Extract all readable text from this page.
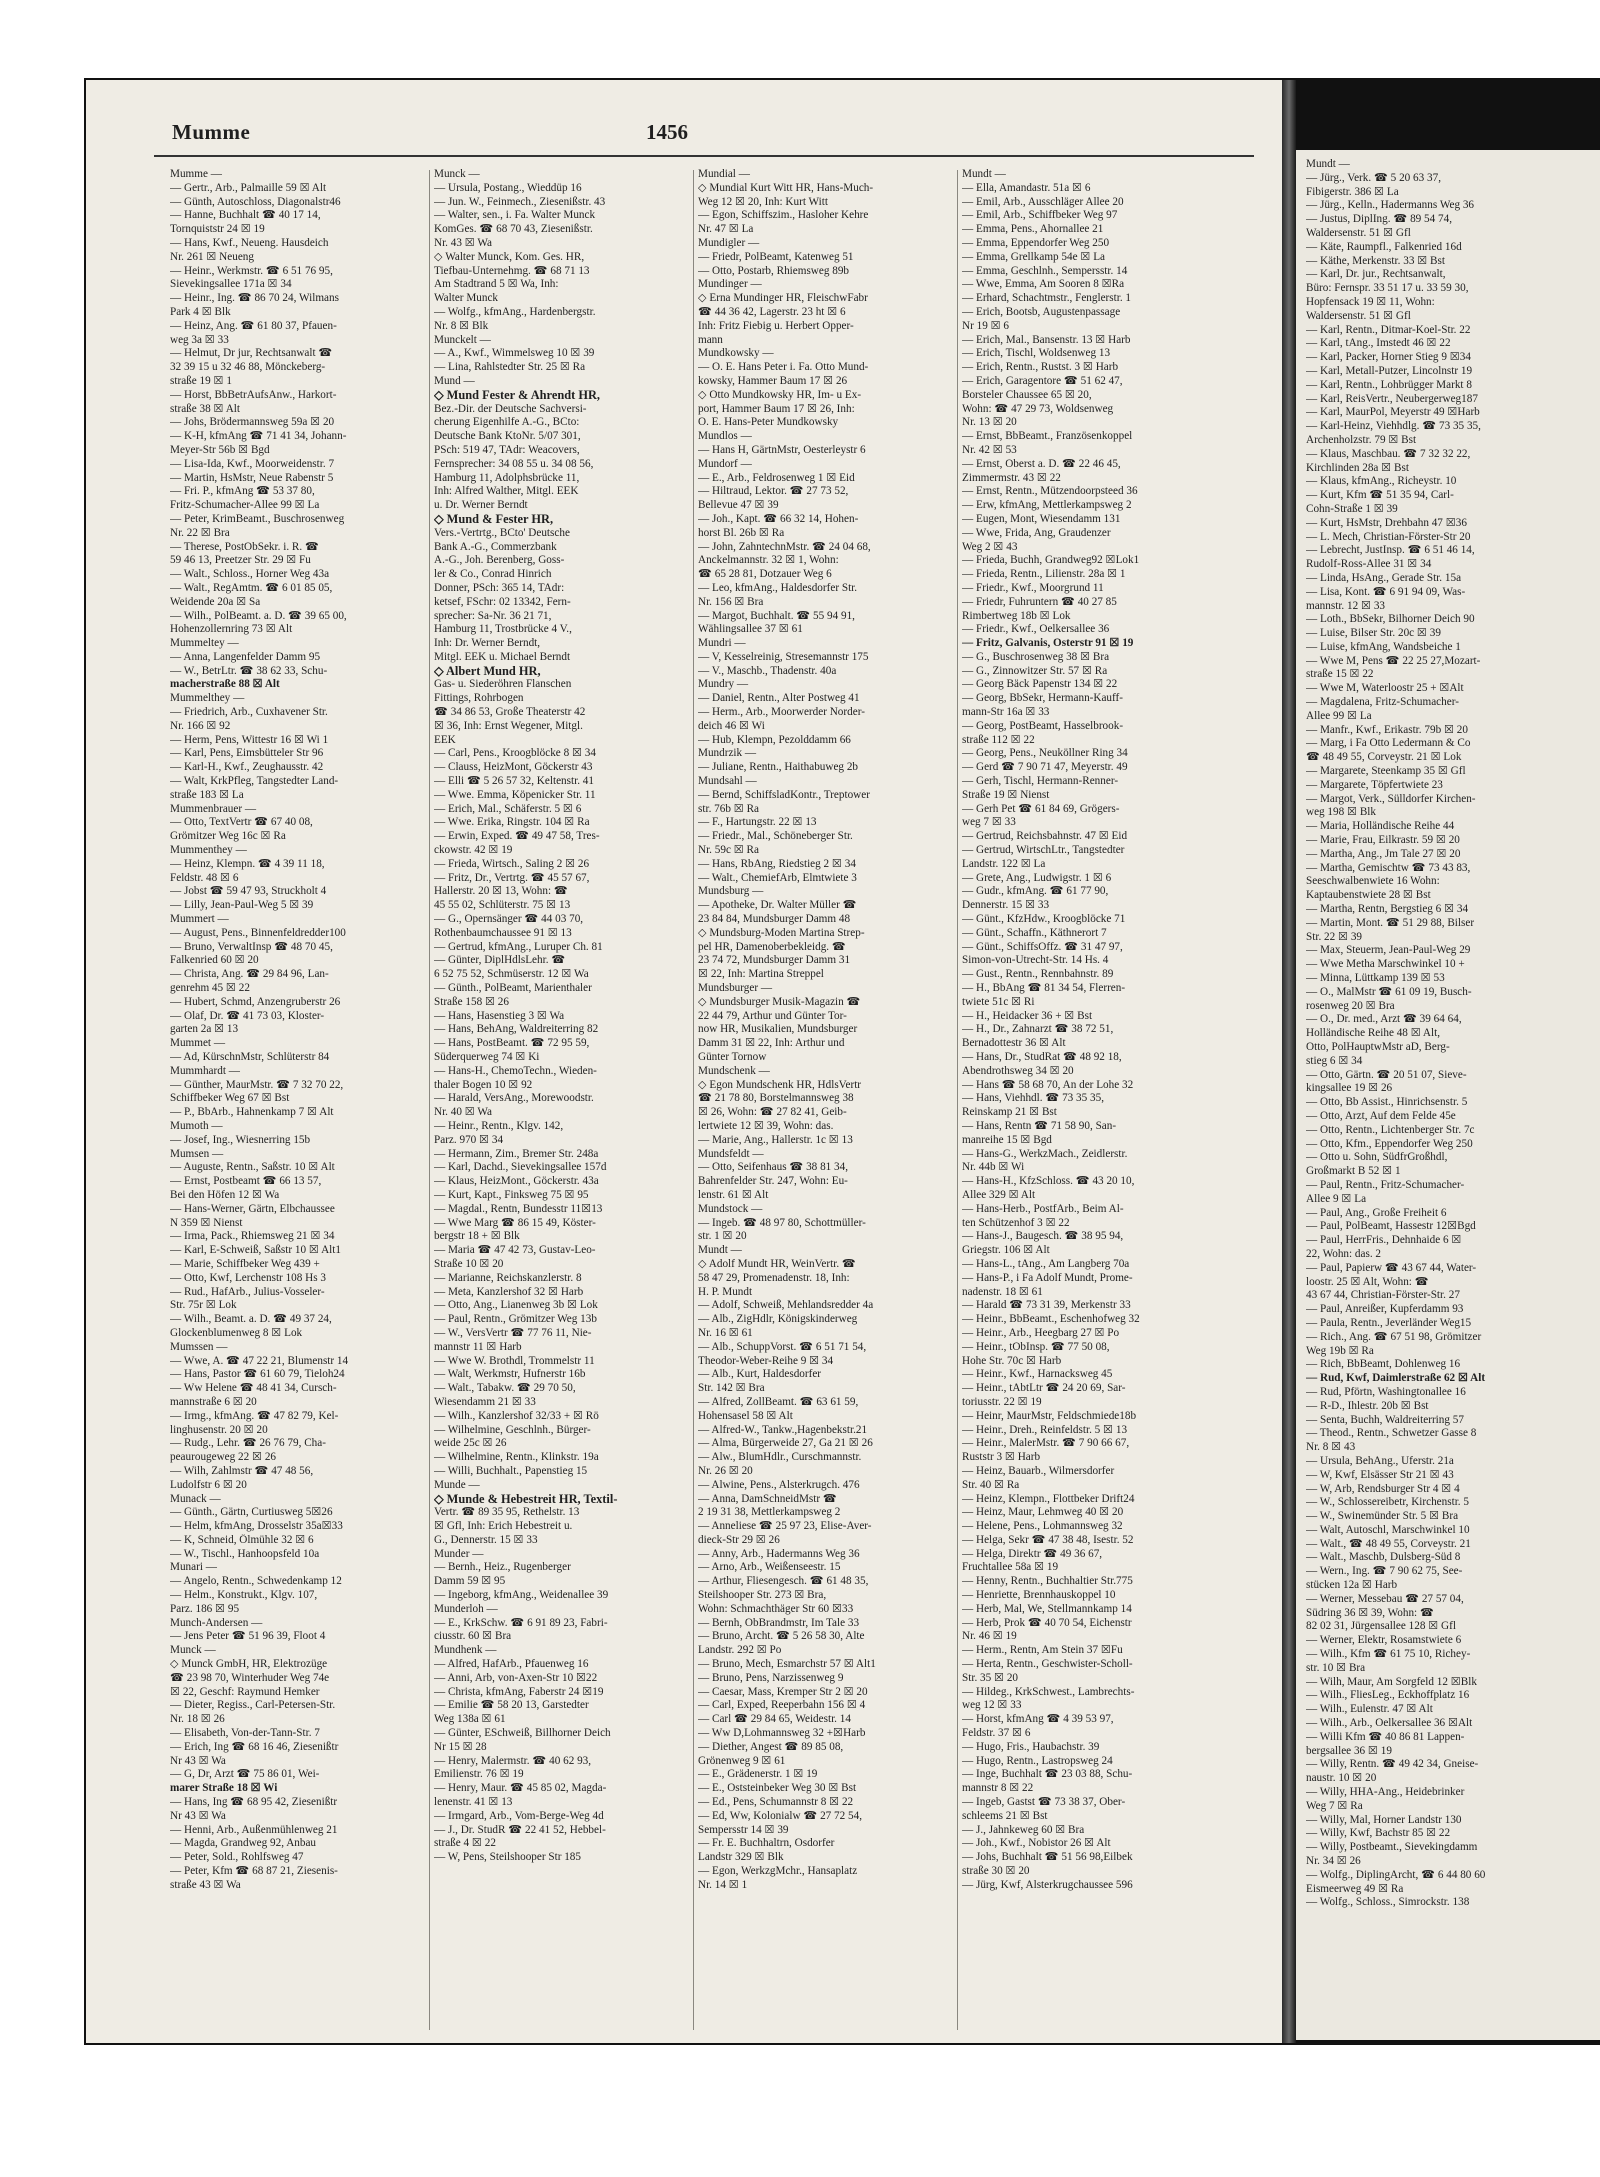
Mundt —

— Jürg., Verk. ☎ 5 20 63 37,

Fibigerstr. 386 ☒ La

— Jürg., Kelln., Hadermanns Weg 36

— Justus, DiplIng. ☎ 89 54 74,

Waldersenstr. 51 ☒ Gfl

— Käte, Raumpfl., Falkenried 16d

— Käthe, Merkenstr. 33 ☒ Bst

— Karl, Dr. jur., Rechtsanwalt,

Büro: Fernspr. 33 51 17 u. 33 59 30,

Hopfensack 19 ☒ 11, Wohn:

Waldersenstr. 51 ☒ Gfl

— Karl, Rentn., Ditmar-Koel-Str. 22

— Karl, tAng., Imstedt 46 ☒ 22

— Karl, Packer, Horner Stieg 9 ☒34

— Karl, Metall-Putzer, Lincolnstr 19

— Karl, Rentn., Lohbrügger Markt 8

— Karl, ReisVertr., Neubergerweg187

— Karl, MaurPol, Meyerstr 49 ☒Harb

— Karl-Heinz, Viehhdlg. ☎ 73 35 35,

Archenholzstr. 79 ☒ Bst

— Klaus, Maschbau. ☎ 7 32 32 22,

Kirchlinden 28a ☒ Bst

— Klaus, kfmAng., Richeystr. 10

— Kurt, Kfm ☎ 51 35 94, Carl-

Cohn-Straße 1 ☒ 39

— Kurt, HsMstr, Drehbahn 47 ☒36

— L. Mech, Christian-Förster-Str 20

— Lebrecht, JustInsp. ☎ 6 51 46 14,

Rudolf-Ross-Allee 31 ☒ 34

— Linda, HsAng., Gerade Str. 15a

— Lisa, Kont. ☎ 6 91 94 09, Was-

mannstr. 12 ☒ 33

— Loth., BbSekr, Bilhorner Deich 90

— Luise, Bilser Str. 20c ☒ 39

— Luise, kfmAng, Wandsbeiche 1

— Wwe M, Pens ☎ 22 25 27,Mozart-

straße 15 ☒ 22

— Wwe M, Waterloostr 25 + ☒Alt

— Magdalena, Fritz-Schumacher-

Allee 99 ☒ La

— Manfr., Kwf., Erikastr. 79b ☒ 20

— Marg, i Fa Otto Ledermann & Co

☎ 48 49 55, Corveystr. 21 ☒ Lok

— Margarete, Steenkamp 35 ☒ Gfl

— Margarete, Töpfertwiete 23

— Margot, Verk., Sülldorfer Kirchen-

weg 198 ☒ Blk

— Maria, Holländische Reihe 44

— Marie, Frau, Eilkrastr. 59 ☒ 20

— Martha, Ang., Jm Tale 27 ☒ 20

— Martha, Gemischtw ☎ 73 43 83,

Seeschwalbenwiete 16 Wohn:

Kaptaubenstwiete 28 ☒ Bst

— Martha, Rentn, Bergstieg 6 ☒ 34

— Martin, Mont. ☎ 51 29 88, Bilser

Str. 22 ☒ 39

— Max, Steuerm, Jean-Paul-Weg 29

— Wwe Metha Marschwinkel 10 +

— Minna, Lüttkamp 139 ☒ 53

— O., MalMstr ☎ 61 09 19, Busch-

rosenweg 20 ☒ Bra

— O., Dr. med., Arzt ☎ 39 64 64,

Holländische Reihe 48 ☒ Alt,

Otto, PolHauptwMstr aD, Berg-

stieg 6 ☒ 34

— Otto, Gärtn. ☎ 20 51 07, Sieve-

kingsallee 19 ☒ 26

— Otto, Bb Assist., Hinrichsenstr. 5

— Otto, Arzt, Auf dem Felde 45e

— Otto, Rentn., Lichtenberger Str. 7c

— Otto, Kfm., Eppendorfer Weg 250

— Otto u. Sohn, SüdfrGroßhdl,

Großmarkt B 52 ☒ 1

— Paul, Rentn., Fritz-Schumacher-

Allee 9 ☒ La

— Paul, Ang., Große Freiheit 6

— Paul, PolBeamt, Hassestr 12☒Bgd

— Paul, HerrFris., Dehnhaide 6 ☒

22, Wohn: das. 2

— Paul, Papierw ☎ 43 67 44, Water-

loostr. 25 ☒ Alt, Wohn: ☎

43 67 44, Christian-Förster-Str. 27

— Paul, Anreißer, Kupferdamm 93

— Paula, Rentn., Jeverländer Weg15

— Rich., Ang. ☎ 67 51 98, Grömitzer

Weg 19b ☒ Ra

— Rich, BbBeamt, Dohlenweg 16

— Rud, Kwf, Daimlerstraße 62 ☒ Alt

— Rud, Pförtn, Washingtonallee 16

— R-D., Ihlestr. 20b ☒ Bst

— Senta, Buchh, Waldreiterring 57

— Theod., Rentn., Schwetzer Gasse 8

Nr. 8 ☒ 43

— Ursula, BehAng., Uferstr. 21a

— W, Kwf, Elsässer Str 21 ☒ 43

— W, Arb, Rendsburger Str 4 ☒ 4

— W., Schlossereibetr, Kirchenstr. 5

— W., Swinemünder Str. 5 ☒ Bra

— Walt, Autoschl, Marschwinkel 10

— Walt., ☎ 48 49 55, Corveystr. 21

— Walt., Maschb, Dulsberg-Süd 8

— Wern., Ing. ☎ 7 90 62 75, See-

stücken 12a ☒ Harb

— Werner, Messebau ☎ 27 57 04,

Südring 36 ☒ 39, Wohn: ☎

82 02 31, Jürgensallee 128 ☒ Gfl

— Werner, Elektr, Rosamstwiete 6

— Wilh., Kfm ☎ 61 75 10, Richey-

str. 10 ☒ Bra

— Wilh, Maur, Am Sorgfeld 12 ☒Blk

— Wilh., FliesLeg., Eckhoffplatz 16

— Wilh., Eulenstr. 47 ☒ Alt

— Wilh., Arb., Oelkersallee 36 ☒Alt

— Willi Kfm ☎ 40 86 81 Lappen-

bergsallee 36 ☒ 19

— Willy, Rentn. ☎ 49 42 34, Gneise-

naustr. 10 ☒ 20

— Willy, HHA-Ang., Heidebrinker

Weg 7 ☒ Ra

— Willy, Mal, Horner Landstr 130

— Willy, Kwf, Bachstr 85 ☒ 22

— Willy, Postbeamt., Sievekingdamm

Nr. 34 ☒ 26

— Wolfg., DiplingArcht, ☎ 6 44 80 60

Eismeerweg 49 ☒ Ra

— Wolfg., Schloss., Simrockstr. 138

Mumme	1456

Mumme —

— Gertr., Arb., Palmaille 59 ☒ Alt

— Günth, Autoschloss, Diagonalstr46

— Hanne, Buchhalt ☎ 40 17 14,

Tornquiststr 24 ☒ 19

— Hans, Kwf., Neueng. Hausdeich

Nr. 261 ☒ Neueng

— Heinr., Werkmstr. ☎ 6 51 76 95,

Sievekingsallee 171a ☒ 34

— Heinr., Ing. ☎ 86 70 24, Wilmans

Park 4 ☒ Blk

— Heinz, Ang. ☎ 61 80 37, Pfauen-

weg 3a ☒ 33

— Helmut, Dr jur, Rechtsanwalt ☎

32 39 15 u 32 46 88, Mönckeberg-

straße 19 ☒ 1

— Horst, BbBetrAufsAnw., Harkort-

straße 38 ☒ Alt

— Johs, Brödermannsweg 59a ☒ 20

— K-H, kfmAng ☎ 71 41 34, Johann-

Meyer-Str 56b ☒ Bgd

— Lisa-Ida, Kwf., Moorweidenstr. 7

— Martin, HsMstr, Neue Rabenstr 5

— Fri. P., kfmAng ☎ 53 37 80,

Fritz-Schumacher-Allee 99 ☒ La

— Peter, KrimBeamt., Buschrosenweg

Nr. 22 ☒ Bra

— Therese, PostObSekr. i. R. ☎

59 46 13, Preetzer Str. 29 ☒ Fu

— Walt., Schloss., Horner Weg 43a

— Walt., RegAmtm. ☎ 6 01 85 05,

Weidende 20a ☒ Sa

— Wilh., PolBeamt. a. D. ☎ 39 65 00,

Hohenzollernring 73 ☒ Alt

Mummeltey —

— Anna, Langenfelder Damm 95

— W., BetrLtr. ☎ 38 62 33, Schu-

macherstraße 88 ☒ Alt

Mummelthey —

— Friedrich, Arb., Cuxhavener Str.

Nr. 166 ☒ 92

— Herm, Pens, Wittestr 16 ☒ Wi 1

— Karl, Pens, Eimsbütteler Str 96

— Karl-H., Kwf., Zeughausstr. 42

— Walt, KrkPfleg, Tangstedter Land-

straße 183 ☒ La

Mummenbrauer —

— Otto, TextVertr ☎ 67 40 08,

Grömitzer Weg 16c ☒ Ra

Mummenthey —

— Heinz, Klempn. ☎ 4 39 11 18,

Feldstr. 48 ☒ 6

— Jobst ☎ 59 47 93, Struckholt 4

— Lilly, Jean-Paul-Weg 5 ☒ 39

Mummert —

— August, Pens., Binnenfeldredder100

— Bruno, VerwaltInsp ☎ 48 70 45,

Falkenried 60 ☒ 20

— Christa, Ang. ☎ 29 84 96, Lan-

genrehm 45 ☒ 22

— Hubert, Schmd, Anzengruberstr 26

— Olaf, Dr. ☎ 41 73 03, Kloster-

garten 2a ☒ 13

Mummet —

— Ad, KürschnMstr, Schlüterstr 84

Mummhardt —

— Günther, MaurMstr. ☎ 7 32 70 22,

Schiffbeker Weg 67 ☒ Bst

— P., BbArb., Hahnenkamp 7 ☒ Alt

Mumoth —

— Josef, Ing., Wiesnerring 15b

Mumsen —

— Auguste, Rentn., Saßstr. 10 ☒ Alt

— Ernst, Postbeamt ☎ 66 13 57,

Bei den Höfen 12 ☒ Wa

— Hans-Werner, Gärtn, Elbchaussee

N 359 ☒ Nienst

— Irma, Pack., Rhiemsweg 21 ☒ 34

— Karl, E-Schweiß, Saßstr 10 ☒ Alt1

— Marie, Schiffbeker Weg 439 +

— Otto, Kwf, Lerchenstr 108 Hs 3

— Rud., HafArb., Julius-Vosseler-

Str. 75r ☒ Lok

— Wilh., Beamt. a. D. ☎ 49 37 24,

Glockenblumenweg 8 ☒ Lok

Mumssen —

— Wwe, A. ☎ 47 22 21, Blumenstr 14

— Hans, Pastor ☎ 61 60 79, Tieloh24

— Ww Helene ☎ 48 41 34, Cursch-

mannstraße 6 ☒ 20

— Irmg., kfmAng. ☎ 47 82 79, Kel-

linghusenstr. 20 ☒ 20

— Rudg., Lehr. ☎ 26 76 79, Cha-

peaurougeweg 22 ☒ 26

— Wilh, Zahlmstr ☎ 47 48 56,

Ludolfstr 6 ☒ 20

Munack —

— Günth., Gärtn, Curtiusweg 5☒26

— Helm, kfmAng, Drosselstr 35a☒33

— K, Schneid, Ölmühle 32 ☒ 6

— W., Tischl., Hanhoopsfeld 10a

Munari —

— Angelo, Rentn., Schwedenkamp 12

— Helm., Konstrukt., Klgv. 107,

Parz. 186 ☒ 95

Munch-Andersen —

— Jens Peter ☎ 51 96 39, Floot 4

Munck —

◇ Munck GmbH, HR, Elektrozüge

☎ 23 98 70, Winterhuder Weg 74e

☒ 22, Geschf: Raymund Hemker

— Dieter, Regiss., Carl-Petersen-Str.

Nr. 18 ☒ 26

— Elisabeth, Von-der-Tann-Str. 7

— Erich, Ing ☎ 68 16 46, Ziesenißtr

Nr 43 ☒ Wa

— G, Dr, Arzt ☎ 75 86 01, Wei-

marer Straße 18 ☒ Wi

— Hans, Ing ☎ 68 95 42, Ziesenißtr

Nr 43 ☒ Wa

— Henni, Arb., Außenmühlenweg 21

— Magda, Grandweg 92, Anbau

— Peter, Sold., Rohlfsweg 47

— Peter, Kfm ☎ 68 87 21, Ziesenis-

straße 43 ☒ Wa

Munck —

— Ursula, Postang., Wieddüp 16

— Jun. W., Feinmech., Ziesenißstr. 43

— Walter, sen., i. Fa. Walter Munck

KomGes. ☎ 68 70 43, Ziesenißstr.

Nr. 43 ☒ Wa

◇ Walter Munck, Kom. Ges. HR,

Tiefbau-Unternehmg. ☎ 68 71 13

Am Stadtrand 5 ☒ Wa, Inh:

Walter Munck

— Wolfg., kfmAng., Hardenbergstr.

Nr. 8 ☒ Blk

Munckelt —

— A., Kwf., Wimmelsweg 10 ☒ 39

— Lina, Rahlstedter Str. 25 ☒ Ra

Mund —

◇ Mund Fester & Ahrendt HR,

Bez.-Dir. der Deutsche Sachversi-

cherung Eigenhilfe A.-G., BCto:

Deutsche Bank KtoNr. 5/07 301,

PSch: 519 47, TAdr: Weacovers,

Fernsprecher: 34 08 55 u. 34 08 56,

Hamburg 11, Adolphsbrücke 11,

Inh: Alfred Walther, Mitgl. EEK

u. Dr. Werner Berndt

◇ Mund & Fester HR,

Vers.-Vertrtg., BCto' Deutsche

Bank A.-G., Commerzbank

A.-G., Joh. Berenberg, Goss-

ler & Co., Conrad Hinrich

Donner, PSch: 365 14, TAdr:

ketsef, FSchr: 02 13342, Fern-

sprecher: Sa-Nr. 36 21 71,

Hamburg 11, Trostbrücke 4 V.,

Inh: Dr. Werner Berndt,

Mitgl. EEK u. Michael Berndt

◇ Albert Mund HR,

Gas- u. Siederöhren Flanschen

Fittings, Rohrbogen

☎ 34 86 53, Große Theaterstr 42

☒ 36, Inh: Ernst Wegener, Mitgl.

EEK

— Carl, Pens., Kroogblöcke 8 ☒ 34

— Clauss, HeizMont, Göckerstr 43

— Elli ☎ 5 26 57 32, Keltenstr. 41

— Wwe. Emma, Köpenicker Str. 11

— Erich, Mal., Schäferstr. 5 ☒ 6

— Wwe. Erika, Ringstr. 104 ☒ Ra

— Erwin, Exped. ☎ 49 47 58, Tres-

ckowstr. 42 ☒ 19

— Frieda, Wirtsch., Saling 2 ☒ 26

— Fritz, Dr., Vertrtg. ☎ 45 57 67,

Hallerstr. 20 ☒ 13, Wohn: ☎

45 55 02, Schlüterstr. 75 ☒ 13

— G., Opernsänger ☎ 44 03 70,

Rothenbaumchaussee 91 ☒ 13

— Gertrud, kfmAng., Luruper Ch. 81

— Günter, DiplHdlsLehr. ☎

6 52 75 52, Schmüserstr. 12 ☒ Wa

— Günth., PolBeamt, Marienthaler

Straße 158 ☒ 26

— Hans, Hasenstieg 3 ☒ Wa

— Hans, BehAng, Waldreiterring 82

— Hans, PostBeamt. ☎ 72 95 59,

Süderquerweg 74 ☒ Ki

— Hans-H., ChemoTechn., Wieden-

thaler Bogen 10 ☒ 92

— Harald, VersAng., Morewoodstr.

Nr. 40 ☒ Wa

— Heinr., Rentn., Klgv. 142,

Parz. 970 ☒ 34

— Hermann, Zim., Bremer Str. 248a

— Karl, Dachd., Sievekingsallee 157d

— Klaus, HeizMont., Göckerstr. 43a

— Kurt, Kapt., Finksweg 75 ☒ 95

— Magdal., Rentn, Bundesstr 11☒13

— Wwe Marg ☎ 86 15 49, Köster-

bergstr 18 + ☒ Blk

— Maria ☎ 47 42 73, Gustav-Leo-

Straße 10 ☒ 20

— Marianne, Reichskanzlerstr. 8

— Meta, Kanzlershof 32 ☒ Harb

— Otto, Ang., Lianenweg 3b ☒ Lok

— Paul, Rentn., Grömitzer Weg 13b

— W., VersVertr ☎ 77 76 11, Nie-

mannstr 11 ☒ Harb

— Wwe W. Brothdl, Trommelstr 11

— Walt, Werkmstr, Hufnerstr 16b

— Walt., Tabakw. ☎ 29 70 50,

Wiesendamm 21 ☒ 33

— Wilh., Kanzlershof 32/33 + ☒ Rö

— Wilhelmine, Geschlnh., Bürger-

weide 25c ☒ 26

— Wilhelmine, Rentn., Klinkstr. 19a

— Willi, Buchhalt., Papenstieg 15

Munde —

◇ Munde & Hebestreit HR, Textil-

Vertr. ☎ 89 35 95, Rethelstr. 13

☒ Gfl, Inh: Erich Hebestreit u.

G., Dennerstr. 15 ☒ 33

Munder —

— Bernh., Heiz., Rugenberger

Damm 59 ☒ 95

— Ingeborg, kfmAng., Weidenallee 39

Munderloh —

— E., KrkSchw. ☎ 6 91 89 23, Fabri-

ciusstr. 60 ☒ Bra

Mundhenk —

— Alfred, HafArb., Pfauenweg 16

— Anni, Arb, von-Axen-Str 10 ☒22

— Christa, kfmAng, Faberstr 24 ☒19

— Emilie ☎ 58 20 13, Garstedter

Weg 138a ☒ 61

— Günter, ESchweiß, Billhorner Deich

Nr 15 ☒ 28

— Henry, Malermstr. ☎ 40 62 93,

Emilienstr. 76 ☒ 19

— Henry, Maur. ☎ 45 85 02, Magda-

lenenstr. 41 ☒ 13

— Irmgard, Arb., Vom-Berge-Weg 4d

— J., Dr. StudR ☎ 22 41 52, Hebbel-

straße 4 ☒ 22

— W, Pens, Steilshooper Str 185

Mundial —

◇ Mundial Kurt Witt HR, Hans-Much-

Weg 12 ☒ 20, Inh: Kurt Witt

— Egon, Schiffszim., Hasloher Kehre

Nr. 47 ☒ La

Mundigler —

— Friedr, PolBeamt, Katenweg 51

— Otto, Postarb, Rhiemsweg 89b

Mundinger —

◇ Erna Mundinger HR, FleischwFabr

☎ 44 36 42, Lagerstr. 23 ht ☒ 6

Inh: Fritz Fiebig u. Herbert Opper-

mann

Mundkowsky —

— O. E. Hans Peter i. Fa. Otto Mund-

kowsky, Hammer Baum 17 ☒ 26

◇ Otto Mundkowsky HR, Im- u Ex-

port, Hammer Baum 17 ☒ 26, Inh:

O. E. Hans-Peter Mundkowsky

Mundlos —

— Hans H, GärtnMstr, Oesterleystr 6

Mundorf —

— E., Arb., Feldrosenweg 1 ☒ Eid

— Hiltraud, Lektor. ☎ 27 73 52,

Bellevue 47 ☒ 39

— Joh., Kapt. ☎ 66 32 14, Hohen-

horst Bl. 26b ☒ Ra

— John, ZahntechnMstr. ☎ 24 04 68,

Anckelmannstr. 32 ☒ 1, Wohn:

☎ 65 28 81, Dotzauer Weg 6

— Leo, kfmAng., Haldesdorfer Str.

Nr. 156 ☒ Bra

— Margot, Buchhalt. ☎ 55 94 91,

Wählingsallee 37 ☒ 61

Mundri —

— V, Kesselreinig, Stresemannstr 175

— V., Maschb., Thadenstr. 40a

Mundry —

— Daniel, Rentn., Alter Postweg 41

— Herm., Arb., Moorwerder Norder-

deich 46 ☒ Wi

— Hub, Klempn, Pezolddamm 66

Mundrzik —

— Juliane, Rentn., Haithabuweg 2b

Mundsahl —

— Bernd, SchiffsladKontr., Treptower

str. 76b ☒ Ra

— F., Hartungstr. 22 ☒ 13

— Friedr., Mal., Schöneberger Str.

Nr. 59c ☒ Ra

— Hans, RbAng, Riedstieg 2 ☒ 34

— Walt., ChemiefArb, Elmtwiete 3

Mundsburg —

— Apotheke, Dr. Walter Müller ☎

23 84 84, Mundsburger Damm 48

◇ Mundsburg-Moden Martina Strep-

pel HR, Damenoberbekleidg. ☎

23 74 72, Mundsburger Damm 31

☒ 22, Inh: Martina Streppel

Mundsburger —

◇ Mundsburger Musik-Magazin ☎

22 44 79, Arthur und Günter Tor-

now HR, Musikalien, Mundsburger

Damm 31 ☒ 22, Inh: Arthur und

Günter Tornow

Mundschenk —

◇ Egon Mundschenk HR, HdlsVertr

☎ 21 78 80, Borstelmannsweg 38

☒ 26, Wohn: ☎ 27 82 41, Geib-

lertwiete 12 ☒ 39, Wohn: das.

— Marie, Ang., Hallerstr. 1c ☒ 13

Mundsfeldt —

— Otto, Seifenhaus ☎ 38 81 34,

Bahrenfelder Str. 247, Wohn: Eu-

lenstr. 61 ☒ Alt

Mundstock —

— Ingeb. ☎ 48 97 80, Schottmüller-

str. 1 ☒ 20

Mundt —

◇ Adolf Mundt HR, WeinVertr. ☎

58 47 29, Promenadenstr. 18, Inh:

H. P. Mundt

— Adolf, Schweiß, Mehlandsredder 4a

— Alb., ZigHdlr, Königskinderweg

Nr. 16 ☒ 61

— Alb., SchuppVorst. ☎ 6 51 71 54,

Theodor-Weber-Reihe 9 ☒ 34

— Alb., Kurt, Haldesdorfer

Str. 142 ☒ Bra

— Alfred, ZollBeamt. ☎ 63 61 59,

Hohensasel 58 ☒ Alt

— Alfred-W., Tankw.,Hagenbekstr.21

— Alma, Bürgerweide 27, Ga 21 ☒ 26

— Alw., BlumHdlr., Curschmannstr.

Nr. 26 ☒ 20

— Alwine, Pens., Alsterkrugch. 476

— Anna, DamSchneidMstr ☎

2 19 31 38, Mettlerkampsweg 2

— Anneliese ☎ 25 97 23, Elise-Aver-

dieck-Str 29 ☒ 26

— Anny, Arb., Hadermanns Weg 36

— Arno, Arb., Weißenseestr. 15

— Arthur, Fliesengesch. ☎ 61 48 35,

Steilshooper Str. 273 ☒ Bra,

Wohn: Schmachthäger Str 60 ☒33

— Bernh, ObBrandmstr, Im Tale 33

— Bruno, Archt. ☎ 5 26 58 30, Alte

Landstr. 292 ☒ Po

— Bruno, Mech, Esmarchstr 57 ☒ Alt1

— Bruno, Pens, Narzissenweg 9

— Caesar, Mass, Kremper Str 2 ☒ 20

— Carl, Exped, Reeperbahn 156 ☒ 4

— Carl ☎ 29 84 65, Weidestr. 14

— Ww D,Lohmannsweg 32 +☒Harb

— Diether, Angest ☎ 89 85 08,

Grönenweg 9 ☒ 61

— E., Grädenerstr. 1 ☒ 19

— E., Oststeinbeker Weg 30 ☒ Bst

— Ed., Pens, Schumannstr 8 ☒ 22

— Ed, Ww, Kolonialw ☎ 27 72 54,

Sempersstr 14 ☒ 39

— Fr. E. Buchhaltrn, Osdorfer

Landstr 329 ☒ Blk

— Egon, WerkzgMchr., Hansaplatz

Nr. 14 ☒ 1

Mundt —

— Ella, Amandastr. 51a ☒ 6

— Emil, Arb., Ausschläger Allee 20

— Emil, Arb., Schiffbeker Weg 97

— Emma, Pens., Ahornallee 21

— Emma, Eppendorfer Weg 250

— Emma, Grellkamp 54e ☒ La

— Emma, Geschlnh., Sempersstr. 14

— Wwe, Emma, Am Sooren 8 ☒Ra

— Erhard, Schachtmstr., Fenglerstr. 1

— Erich, Bootsb, Augustenpassage

Nr 19 ☒ 6

— Erich, Mal., Bansenstr. 13 ☒ Harb

— Erich, Tischl, Woldsenweg 13

— Erich, Rentn., Rustst. 3 ☒ Harb

— Erich, Garagentore ☎ 51 62 47,

Borsteler Chaussee 65 ☒ 20,

Wohn: ☎ 47 29 73, Woldsenweg

Nr. 13 ☒ 20

— Ernst, BbBeamt., Französenkoppel

Nr. 42 ☒ 53

— Ernst, Oberst a. D. ☎ 22 46 45,

Zimmermstr. 43 ☒ 22

— Ernst, Rentn., Mützendoorpsteed 36

— Erw, kfmAng, Mettlerkampsweg 2

— Eugen, Mont, Wiesendamm 131

— Wwe, Frida, Ang, Graudenzer

Weg 2 ☒ 43

— Frieda, Buchh, Grandweg92 ☒Lok1

— Frieda, Rentn., Lilienstr. 28a ☒ 1

— Friedr., Kwf., Moorgrund 11

— Friedr, Fuhruntern ☎ 40 27 85

Rimbertweg 18b ☒ Lok

— Friedr., Kwf., Oelkersallee 36

— Fritz, Galvanis, Osterstr 91 ☒ 19

— G., Buschrosenweg 38 ☒ Bra

— G., Zinnowitzer Str. 57 ☒ Ra

— Georg Bäck Papenstr 134 ☒ 22

— Georg, BbSekr, Hermann-Kauff-

mann-Str 16a ☒ 33

— Georg, PostBeamt, Hasselbrook-

straße 112 ☒ 22

— Georg, Pens., Neuköllner Ring 34

— Gerd ☎ 7 90 71 47, Meyerstr. 49

— Gerh, Tischl, Hermann-Renner-

Straße 19 ☒ Nienst

— Gerh Pet ☎ 61 84 69, Grögers-

weg 7 ☒ 33

— Gertrud, Reichsbahnstr. 47 ☒ Eid

— Gertrud, WirtschLtr., Tangstedter

Landstr. 122 ☒ La

— Grete, Ang., Ludwigstr. 1 ☒ 6

— Gudr., kfmAng. ☎ 61 77 90,

Dennerstr. 15 ☒ 33

— Günt., KfzHdw., Kroogblöcke 71

— Günt., Schaffn., Käthnerort 7

— Günt., SchiffsOffz. ☎ 31 47 97,

Simon-von-Utrecht-Str. 14 Hs. 4

— Gust., Rentn., Rennbahnstr. 89

— H., BbAng ☎ 81 34 54, Flerren-

twiete 51c ☒ Ri

— H., Heidacker 36 + ☒ Bst

— H., Dr., Zahnarzt ☎ 38 72 51,

Bernadottestr 36 ☒ Alt

— Hans, Dr., StudRat ☎ 48 92 18,

Abendrothsweg 34 ☒ 20

— Hans ☎ 58 68 70, An der Lohe 32

— Hans, Viehhdl. ☎ 73 35 35,

Reinskamp 21 ☒ Bst

— Hans, Rentn ☎ 71 58 90, San-

manreihe 15 ☒ Bgd

— Hans-G., WerkzMach., Zeidlerstr.

Nr. 44b ☒ Wi

— Hans-H., KfzSchloss. ☎ 43 20 10,

Allee 329 ☒ Alt

— Hans-Herb., PostfArb., Beim Al-

ten Schützenhof 3 ☒ 22

— Hans-J., Baugesch. ☎ 38 95 94,

Griegstr. 106 ☒ Alt

— Hans-L., tAng., Am Langberg 70a

— Hans-P., i Fa Adolf Mundt, Prome-

nadenstr. 18 ☒ 61

— Harald ☎ 73 31 39, Merkenstr 33

— Heinr., BbBeamt., Eschenhofweg 32

— Heinr., Arb., Heegbarg 27 ☒ Po

— Heinr., tObInsp. ☎ 77 50 08,

Hohe Str. 70c ☒ Harb

— Heinr., Kwf., Harnacksweg 45

— Heinr., tAbtLtr ☎ 24 20 69, Sar-

toriusstr. 22 ☒ 19

— Heinr, MaurMstr, Feldschmiede18b

— Heinr., Dreh., Reinfeldstr. 5 ☒ 13

— Heinr., MalerMstr. ☎ 7 90 66 67,

Ruststr 3 ☒ Harb

— Heinz, Bauarb., Wilmersdorfer

Str. 40 ☒ Ra

— Heinz, Klempn., Flottbeker Drift24

— Heinz, Maur, Lehmweg 40 ☒ 20

— Helene, Pens., Lohmannsweg 32

— Helga, Sekr ☎ 47 38 48, Isestr. 52

— Helga, Direktr ☎ 49 36 67,

Fruchtallee 58a ☒ 19

— Henny, Rentn., Buchhaltier Str.775

— Henriette, Brennhauskoppel 10

— Herb, Mal, We, Stellmannkamp 14

— Herb, Prok ☎ 40 70 54, Eichenstr

Nr. 46 ☒ 19

— Herm., Rentn, Am Stein 37 ☒Fu

— Herta, Rentn., Geschwister-Scholl-

Str. 35 ☒ 20

— Hildeg., KrkSchwest., Lambrechts-

weg 12 ☒ 33

— Horst, kfmAng ☎ 4 39 53 97,

Feldstr. 37 ☒ 6

— Hugo, Fris., Haubachstr. 39

— Hugo, Rentn., Lastropsweg 24

— Inge, Buchhalt ☎ 23 03 88, Schu-

mannstr 8 ☒ 22

— Ingeb, Gastst ☎ 73 38 37, Ober-

schleems 21 ☒ Bst

— J., Jahnkeweg 60 ☒ Bra

— Joh., Kwf., Nobistor 26 ☒ Alt

— Johs, Buchhalt ☎ 51 56 98,Eilbek

straße 30 ☒ 20

— Jürg, Kwf, Alsterkrugchaussee 596
